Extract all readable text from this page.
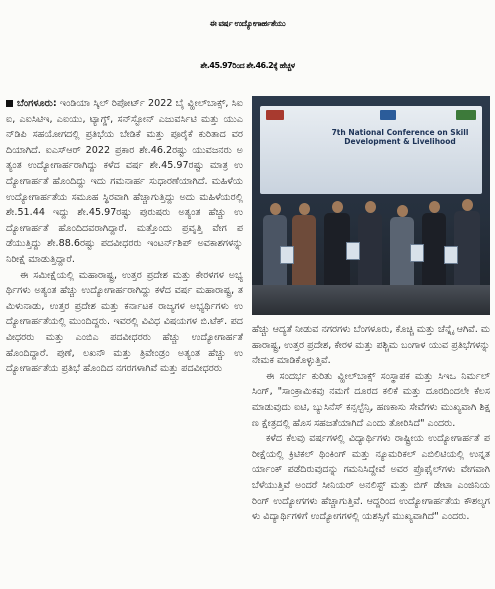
ಈ ವರ್ಷ ಉದ್ಯೋಗಾರ್ಹತೆಯು
ಶೇ.45.97ರಿಂದ ಶೇ.46.2ಕ್ಕೆ ಹೆಚ್ಚಳ

ಬೆಂಗಳೂರು: ಇಂಡಿಯಾ ಸ್ಕಿಲ್ ರಿಪೋರ್ಟ್ 2022 ಬೈ ವ್ಹೀಲ್‌ಬಾಕ್ಸ್, ಸಿಐಐ, ಎಐಸಿಟಿಇ, ಎಐಯು, ಟ್ಯಾಗ್ಡ್, ಸನ್‌ಸ್ಟೋನ್ ಎಜುವರ್ಸಿಟಿ ಮತ್ತು ಯುಎನ್‌ಡಿಪಿ ಸಹಯೋಗದಲ್ಲಿ ಪ್ರತಿಭೆಯ ಬೇಡಿಕೆ ಮತ್ತು ಪೂರೈಕೆ ಕುರಿತಾದ ವರದಿಯಾಗಿದೆ. ಐಎಸ್‌ಆರ್ 2022 ಪ್ರಕಾರ ಶೇ.46.2ರಷ್ಟು ಯುವಜನರು ಅತ್ಯಂತ ಉದ್ಯೋಗಾರ್ಹರಾಗಿದ್ದು ಕಳೆದ ವರ್ಷ ಶೇ.45.97ರಷ್ಟು ಮಾತ್ರ ಉದ್ಯೋಗಾರ್ಹತೆ ಹೊಂದಿದ್ದು ಇದು ಗಮನಾರ್ಹ ಸುಧಾರಣೆಯಾಗಿದೆ. ಮಹಿಳೆಯ ಉದ್ಯೋಗಾರ್ಹತೆಯ ಸಮೂಹ ಸ್ಥಿರವಾಗಿ ಹೆಚ್ಚಾಗುತ್ತಿದ್ದು ಅದು ಮಹಿಳೆಯರಲ್ಲಿ ಶೇ.51.44 ಇದ್ದು ಶೇ.45.97ರಷ್ಟು ಪುರುಷರು ಅತ್ಯಂತ ಹೆಚ್ಚು ಉದ್ಯೋಗಾರ್ಹತೆ ಹೊಂದಿದವರಾಗಿದ್ದಾರೆ. ಮತ್ತೊಂದು ಪ್ರವೃತ್ತಿ ವೇಗ ಪಡೆಯುತ್ತಿದ್ದು ಶೇ.88.6ರಷ್ಟು ಪದವೀಧರರು ಇಂಟರ್ನ್‌ಶಿಪ್ ಅವಕಾಶಗಳನ್ನು ನಿರೀಕ್ಷೆ ಮಾಡುತ್ತಿದ್ದಾರೆ.

ಈ ಸಮೀಕ್ಷೆಯಲ್ಲಿ ಮಹಾರಾಷ್ಟ್ರ, ಉತ್ತರ ಪ್ರದೇಶ ಮತ್ತು ಕೇರಳಗಳ ಅಭ್ಯರ್ಥಿಗಳು ಅತ್ಯಂತ ಹೆಚ್ಚು ಉದ್ಯೋಗಾರ್ಹರಾಗಿದ್ದು ಕಳೆದ ವರ್ಷ ಮಹಾರಾಷ್ಟ್ರ, ತಮಿಳುನಾಡು, ಉತ್ತರ ಪ್ರದೇಶ ಮತ್ತು ಕರ್ನಾಟಕ ರಾಜ್ಯಗಳ ಅಭ್ಯರ್ಥಿಗಳು ಉದ್ಯೋಗಾರ್ಹತೆಯಲ್ಲಿ ಮುಂದಿದ್ದರು. ಇವರಲ್ಲಿ ವಿವಿಧ ವಿಷಯಗಳ ಬಿ.ಟೆಕ್. ಪದವೀಧರರು ಮತ್ತು ಎಂಬಿಎ ಪದವೀಧರರು ಹೆಚ್ಚು ಉದ್ಯೋಗಾರ್ಹತೆ ಹೊಂದಿದ್ದಾರೆ. ಪುಣೆ, ಲಖನೌ ಮತ್ತು ತ್ರಿವೇಂಡ್ರಂ ಅತ್ಯಂತ ಹೆಚ್ಚು ಉದ್ಯೋಗಾರ್ಹತೆಯ ಪ್ರತಿಭೆ ಹೊಂದಿದ ನಗರಗಳಾಗಿವೆ ಮತ್ತು ಪದವೀಧರರು

7th National Conference on Skill Development & Livelihood

ಹೆಚ್ಚು ಆದ್ಯತೆ ನೀಡುವ ನಗರಗಳು ಬೆಂಗಳೂರು, ಕೊಚ್ಚಿ ಮತ್ತು ಚೆನ್ನೈ ಆಗಿವೆ. ಮಹಾರಾಷ್ಟ್ರ, ಉತ್ತರ ಪ್ರದೇಶ, ಕೇರಳ ಮತ್ತು ಪಶ್ಚಿಮ ಬಂಗಾಳ ಯುವ ಪ್ರತಿಭೆಗಳನ್ನು ನೇಮಕ ಮಾಡಿಕೊಳ್ಳುತ್ತಿವೆ.

ಈ ಸಂದರ್ಭ ಕುರಿತು ವ್ಹೀಲ್‌ಬಾಕ್ಸ್ ಸಂಸ್ಥಾಪಕ ಮತ್ತು ಸಿಇಒ ನಿರ್ಮಲ್ ಸಿಂಗ್, "ಸಾಂಕ್ರಾಮಿಕವು ನಮಗೆ ದೂರದ ಕಲಿಕೆ ಮತ್ತು ದೂರದಿಂದಲೇ ಕೆಲಸ ಮಾಡುವುದು ಐಟಿ, ಬ್ಯುಸಿನೆಸ್ ಕನ್ಸಲ್ಟೆನ್ಸಿ, ಹಣಕಾಸು ಸೇವೆಗಳು ಮುಖ್ಯವಾಗಿ ಶಿಕ್ಷಣ ಕ್ಷೇತ್ರದಲ್ಲಿ ಹೊಸ ಸಹಜತೆಯಾಗಿದೆ ಎಂದು ತೋರಿಸಿದೆ" ಎಂದರು.

ಕಳೆದ ಕೆಲವು ವರ್ಷಗಳಲ್ಲಿ ವಿದ್ಯಾರ್ಥಿಗಳು ರಾಷ್ಟ್ರೀಯ ಉದ್ಯೋಗಾರ್ಹತೆ ಪರೀಕ್ಷೆಯಲ್ಲಿ ಕ್ರಿಟಿಕಲ್ ಥಿಂಕಿಂಗ್ ಮತ್ತು ನ್ಯೂಮರಿಕಲ್ ಎಬಿಲಿಟಿಯಲ್ಲಿ ಉನ್ನತ ರ್ಯಾಂಕ್ ಪಡೆದಿರುವುದನ್ನು ಗಮನಿಸಿದ್ದೇವೆ ಅವರ ಪ್ರೊಫೈಲ್‌ಗಳು ವೇಗವಾಗಿ ಬೆಳೆಯುತ್ತಿವೆ ಅಂದರೆ ಸೀನಿಯರ್ ಅನಲಿಸ್ಟ್ ಮತ್ತು ಬಿಗ್ ಡೇಟಾ ಎಂಜಿನಿಯರಿಂಗ್ ಉದ್ಯೋಗಗಳು ಹೆಚ್ಚಾಗುತ್ತಿವೆ. ಆದ್ದರಿಂದ ಉದ್ಯೋಗಾರ್ಹತೆಯ ಕೌಶಲ್ಯಗಳು ವಿದ್ಯಾರ್ಥಿಗಳಿಗೆ ಉದ್ಯೋಗಗಳಲ್ಲಿ ಯಶಸ್ಸಿಗೆ ಮುಖ್ಯವಾಗಿದೆ" ಎಂದರು.
